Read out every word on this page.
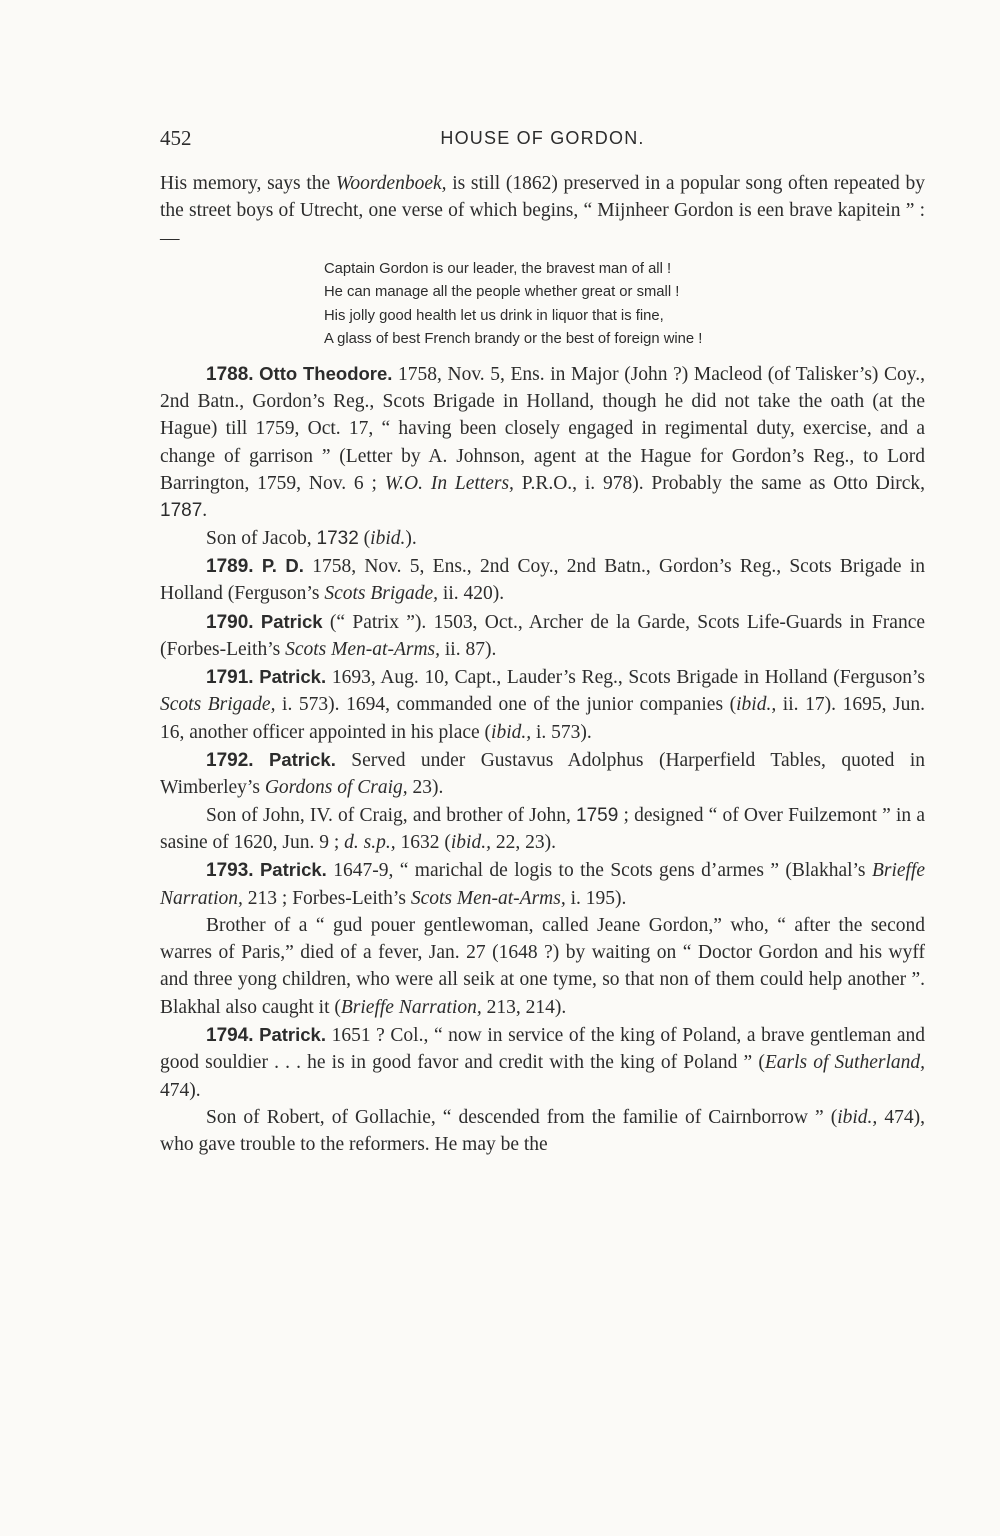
452	HOUSE OF GORDON.

His memory, says the Woordenboek, is still (1862) preserved in a popular song often repeated by the street boys of Utrecht, one verse of which begins, “ Mijnheer Gordon is een brave kapitein ” :—

Captain Gordon is our leader, the bravest man of all !
He can manage all the people whether great or small !
His jolly good health let us drink in liquor that is fine,
A glass of best French brandy or the best of foreign wine !

1788. Otto Theodore. 1758, Nov. 5, Ens. in Major (John ?) Macleod (of Talisker’s) Coy., 2nd Batn., Gordon’s Reg., Scots Brigade in Holland, though he did not take the oath (at the Hague) till 1759, Oct. 17, “ having been closely engaged in regimental duty, exercise, and a change of garrison ” (Letter by A. Johnson, agent at the Hague for Gordon’s Reg., to Lord Barrington, 1759, Nov. 6 ; W.O. In Letters, P.R.O., i. 978). Probably the same as Otto Dirck, 1787.

Son of Jacob, 1732 (ibid.).

1789. P. D. 1758, Nov. 5, Ens., 2nd Coy., 2nd Batn., Gordon’s Reg., Scots Brigade in Holland (Ferguson’s Scots Brigade, ii. 420).

1790. Patrick (“ Patrix ”). 1503, Oct., Archer de la Garde, Scots Life-Guards in France (Forbes-Leith’s Scots Men-at-Arms, ii. 87).

1791. Patrick. 1693, Aug. 10, Capt., Lauder’s Reg., Scots Brigade in Holland (Ferguson’s Scots Brigade, i. 573). 1694, commanded one of the junior companies (ibid., ii. 17). 1695, Jun. 16, another officer appointed in his place (ibid., i. 573).

1792. Patrick. Served under Gustavus Adolphus (Harperfield Tables, quoted in Wimberley’s Gordons of Craig, 23).

Son of John, IV. of Craig, and brother of John, 1759 ; designed “ of Over Fuilzemont ” in a sasine of 1620, Jun. 9 ; d. s.p., 1632 (ibid., 22, 23).

1793. Patrick. 1647-9, “ marichal de logis to the Scots gens d’armes ” (Blakhal’s Brieffe Narration, 213 ; Forbes-Leith’s Scots Men-at-Arms, i. 195).

Brother of a “ gud pouer gentlewoman, called Jeane Gordon,” who, “ after the second warres of Paris,” died of a fever, Jan. 27 (1648 ?) by waiting on “ Doctor Gordon and his wyff and three yong children, who were all seik at one tyme, so that non of them could help another ”. Blakhal also caught it (Brieffe Narration, 213, 214).

1794. Patrick. 1651 ? Col., “ now in service of the king of Poland, a brave gentleman and good souldier . . . he is in good favor and credit with the king of Poland ” (Earls of Sutherland, 474).

Son of Robert, of Gollachie, “ descended from the familie of Cairnborrow ” (ibid., 474), who gave trouble to the reformers. He may be the
